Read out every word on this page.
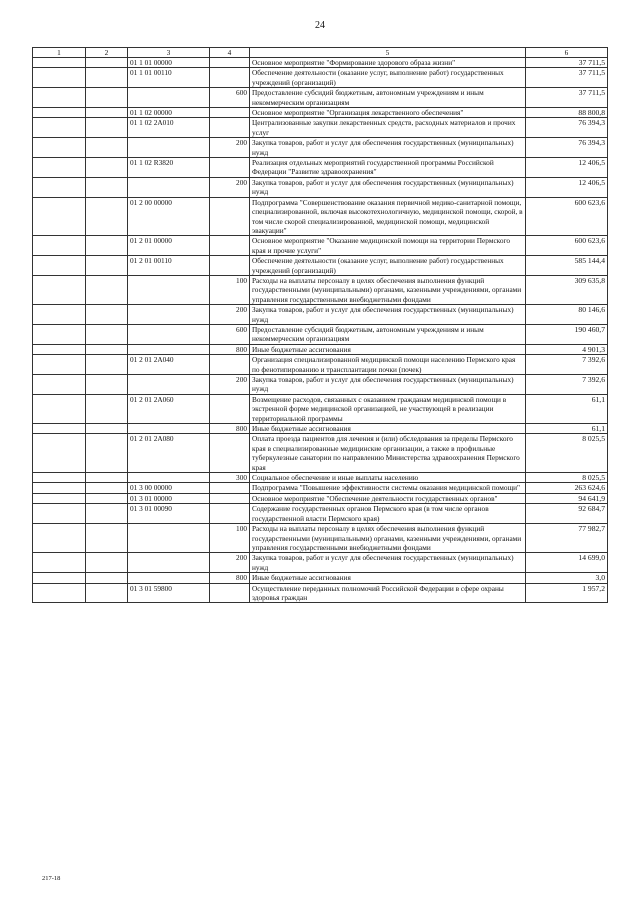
24
1	2	3	4	5	6
		01 1 01 00000		Основное мероприятие "Формирование здорового образа жизни"	37 711,5
		01 1 01 00110		Обеспечение деятельности (оказание услуг, выполнение работ) государственных учреждений (организаций)	37 711,5
			600	Предоставление субсидий бюджетным, автономным учреждениям и иным некоммерческим организациям	37 711,5
		01 1 02 00000		Основное мероприятие "Организация лекарственного обеспечения"	88 800,8
		01 1 02 2А010		Централизованные закупки лекарственных средств, расходных материалов и прочих услуг	76 394,3
			200	Закупка товаров, работ и услуг для обеспечения государственных (муниципальных) нужд	76 394,3
		01 1 02 R3820		Реализация отдельных мероприятий государственной программы Российской Федерации "Развитие здравоохранения"	12 406,5
			200	Закупка товаров, работ и услуг для обеспечения государственных (муниципальных) нужд	12 406,5
		01 2 00 00000		Подпрограмма "Совершенствование оказания первичной медико-санитарной помощи, специализированной, включая высокотехнологичную, медицинской помощи, скорой, в том числе скорой специализированной, медицинской помощи, медицинской эвакуации"	600 623,6
		01 2 01 00000		Основное мероприятие "Оказание медицинской помощи на территории Пермского края и прочие услуги"	600 623,6
		01 2 01 00110		Обеспечение деятельности (оказание услуг, выполнение работ) государственных учреждений (организаций)	585 144,4
			100	Расходы на выплаты персоналу в целях обеспечения выполнения функций государственными (муниципальными) органами, казенными учреждениями, органами управления государственными внебюджетными фондами	309 635,8
			200	Закупка товаров, работ и услуг для обеспечения государственных (муниципальных) нужд	80 146,6
			600	Предоставление субсидий бюджетным, автономным учреждениям и иным некоммерческим организациям	190 460,7
			800	Иные бюджетные ассигнования	4 901,3
		01 2 01 2А040		Организация специализированной медицинской помощи населению Пермского края по фенотипированию и трансплантации почки (почек)	7 392,6
			200	Закупка товаров, работ и услуг для обеспечения государственных (муниципальных) нужд	7 392,6
		01 2 01 2А060		Возмещение расходов, связанных с оказанием гражданам медицинской помощи в экстренной форме медицинской организацией, не участвующей в реализации территориальной программы	61,1
			800	Иные бюджетные ассигнования	61,1
		01 2 01 2А080		Оплата проезда пациентов для лечения и (или) обследования за пределы Пермского края в специализированные медицинские организации, а также в профильные туберкулезные санатории по направлению Министерства здравоохранения Пермского края	8 025,5
			300	Социальное обеспечение и иные выплаты населению	8 025,5
		01 3 00 00000		Подпрограмма "Повышение эффективности системы оказания медицинской помощи"	263 624,6
		01 3 01 00000		Основное мероприятие "Обеспечение деятельности государственных органов"	94 641,9
		01 3 01 00090		Содержание государственных органов Пермского края (в том числе органов государственной власти Пермского края)	92 684,7
			100	Расходы на выплаты персоналу в целях обеспечения выполнения функций государственными (муниципальными) органами, казенными учреждениями, органами управления государственными внебюджетными фондами	77 982,7
			200	Закупка товаров, работ и услуг для обеспечения государственных (муниципальных) нужд	14 699,0
			800	Иные бюджетные ассигнования	3,0
		01 3 01 59800		Осуществление переданных полномочий Российской Федерации в сфере охраны здоровья граждан	1 957,2
217-18
